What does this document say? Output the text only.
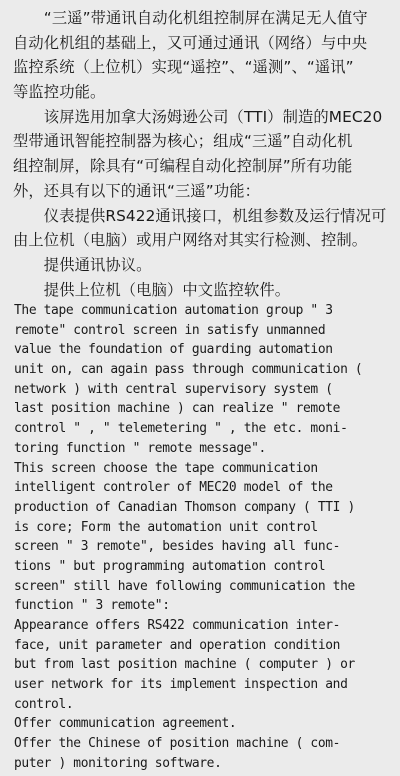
　　“三遥”带通讯自动化机组控制屏在满足无人值守
自动化机组的基础上，又可通过通讯（网络）与中央
监控系统（上位机）实现“遥控”、“遥测”、“遥讯”
等监控功能。
　　该屏选用加拿大汤姆逊公司（TTI）制造的MEC20
型带通讯智能控制器为核心；组成“三遥”自动化机
组控制屏，除具有“可编程自动化控制屏”所有功能
外，还具有以下的通讯“三遥”功能：
　　仪表提供RS422通讯接口，机组参数及运行情况可
由上位机（电脑）或用户网络对其实行检测、控制。
　　提供通讯协议。
　　提供上位机（电脑）中文监控软件。
The tape communication automation group " 3
remote" control screen in satisfy unmanned
value the foundation of guarding automation
unit on, can again pass through communication (
network ) with central supervisory system (
last position machine ) can realize " remote
control " , " telemetering " , the etc. moni-
toring function " remote message".
This screen choose the tape communication
intelligent controler of MEC20 model of the
production of Canadian Thomson company ( TTI )
is core; Form the automation unit control
screen " 3 remote", besides having all func-
tions " but programming automation control
screen" still have following communication the
function " 3 remote":
Appearance offers RS422 communication inter-
face, unit parameter and operation condition
but from last position machine ( computer ) or
user network for its implement inspection and
control.
Offer communication agreement.
Offer the Chinese of position machine ( com-
puter ) monitoring software.
